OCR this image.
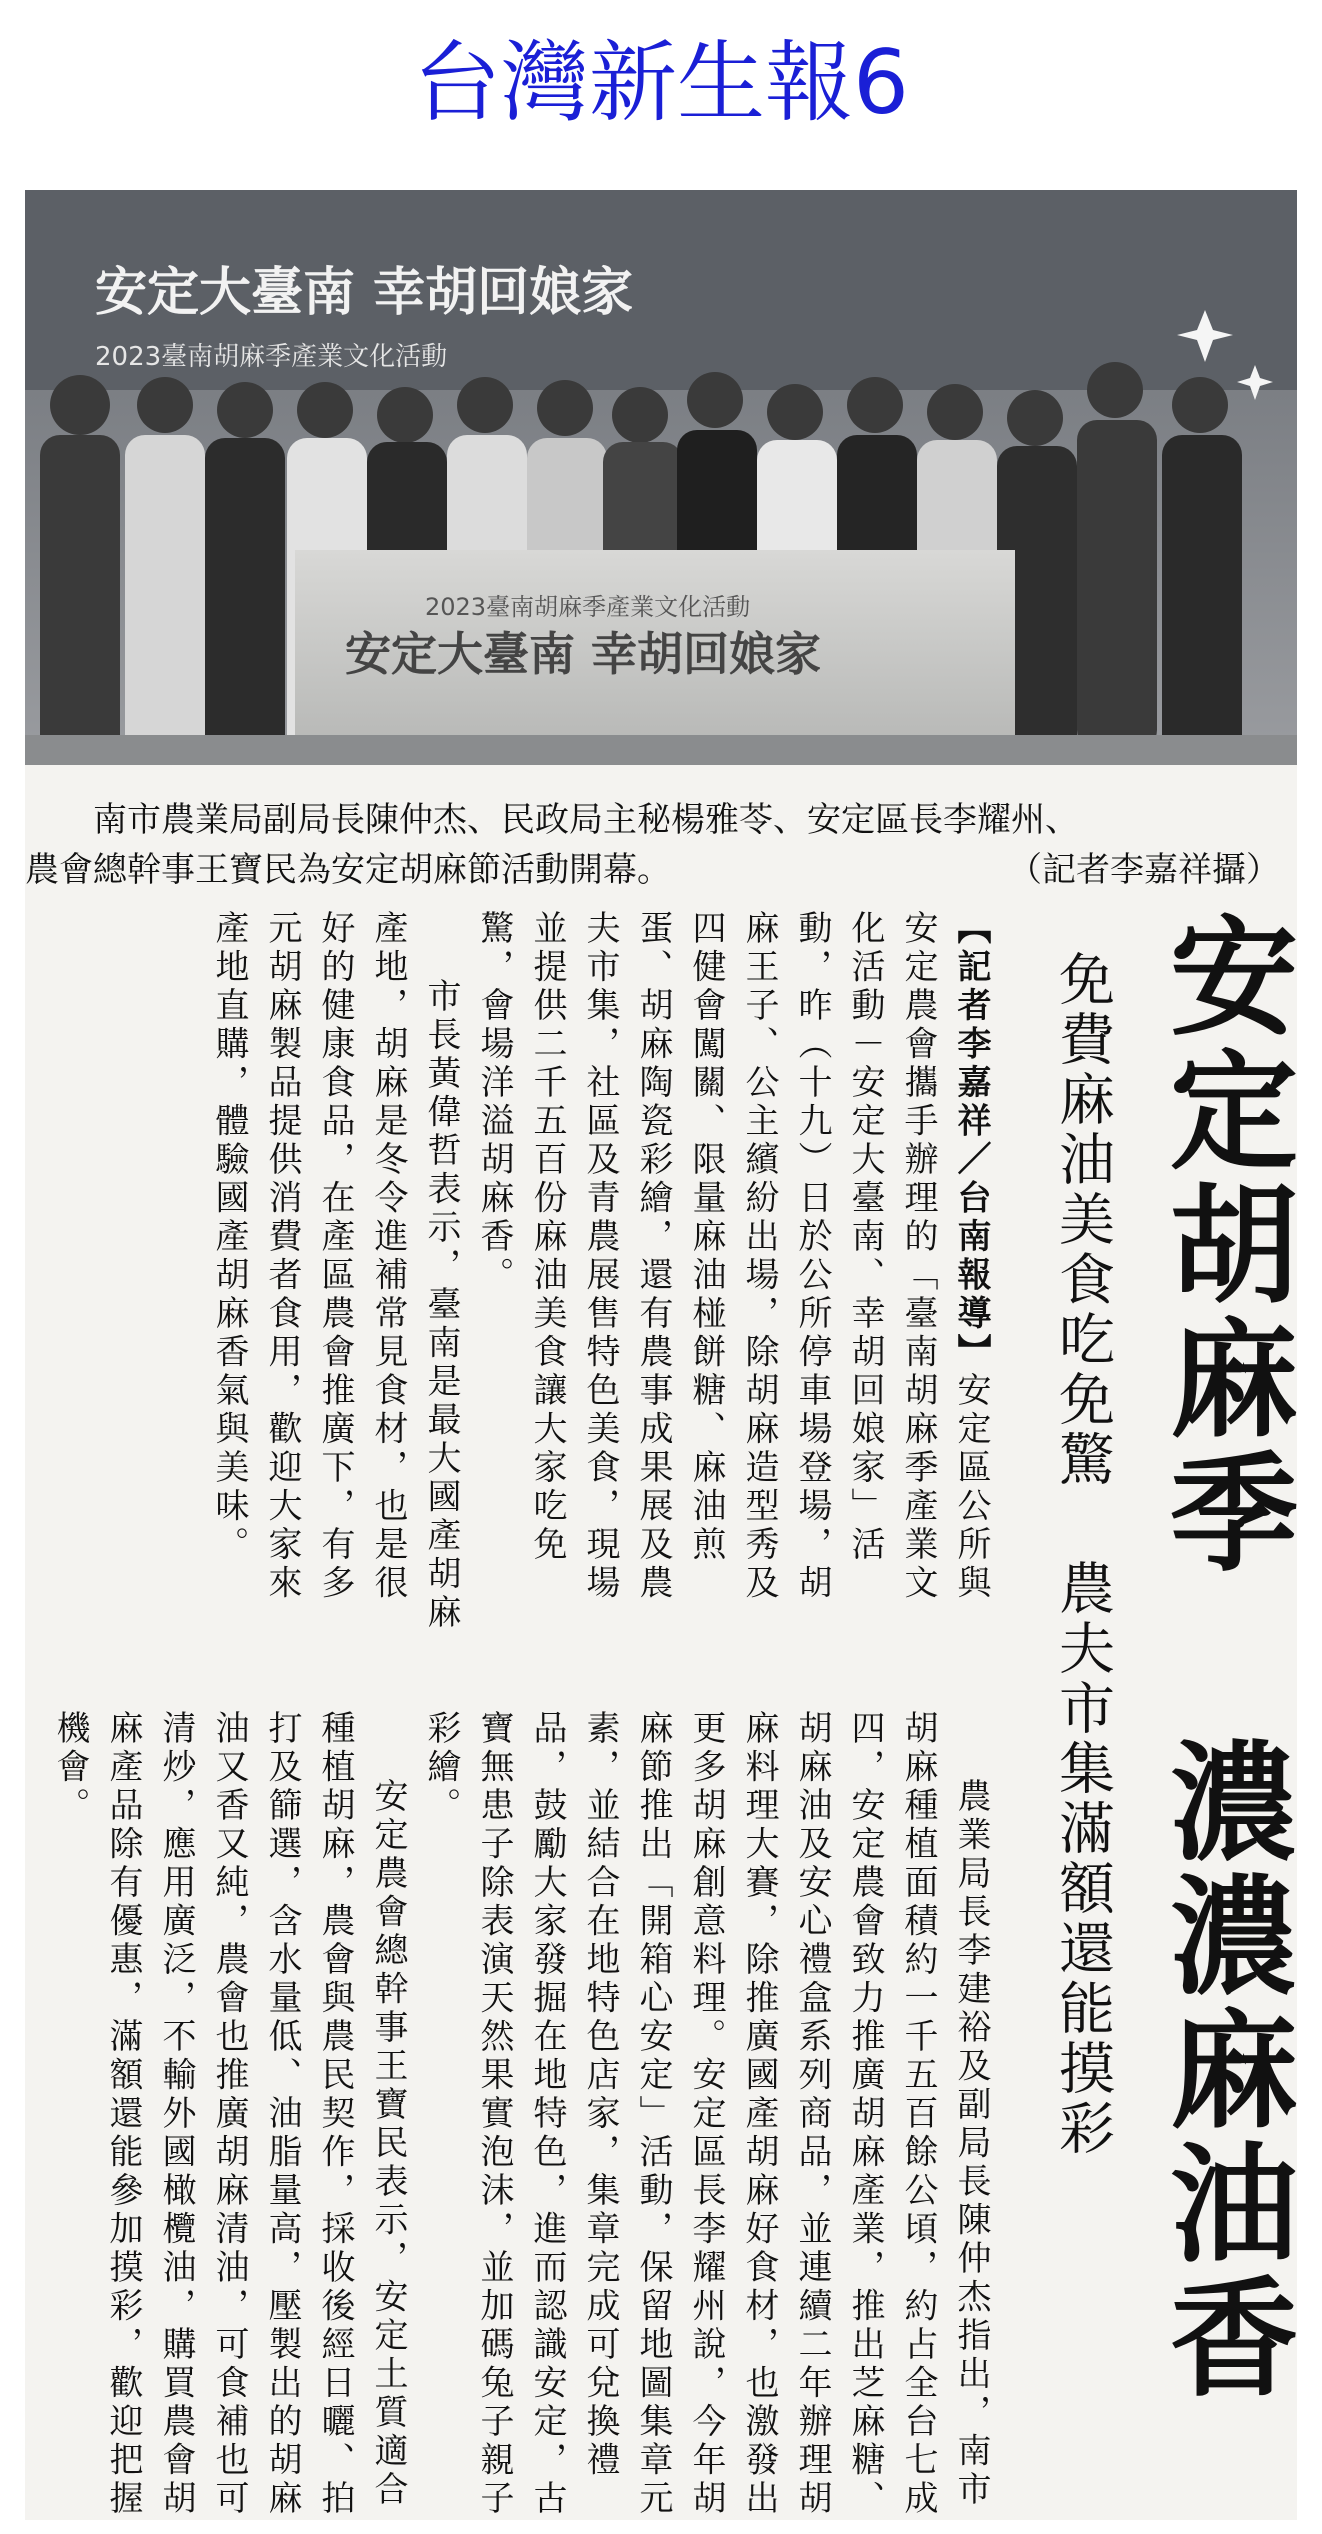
台灣新生報6
安定大臺南 幸胡回娘家
2023臺南胡麻季產業文化活動
2023臺南胡麻季產業文化活動
安定大臺南 幸胡回娘家
南市農業局副局長陳仲杰、民政局主秘楊雅苓、安定區長李耀州、
農會總幹事王寶民為安定胡麻節活動開幕。	（記者李嘉祥攝）
安定胡麻季 濃濃麻油香
免費麻油美食吃免驚 農夫市集滿額還能摸彩

【記者李嘉祥／台南報導】安定區公所與安定農會攜手辦理的「臺南胡麻季產業文化活動－安定大臺南、幸胡回娘家」活動，昨（十九）日於公所停車場登場，胡麻王子、公主繽紛出場，除胡麻造型秀及四健會闖關、限量麻油椪餅糖、麻油煎蛋、胡麻陶瓷彩繪，還有農事成果展及農夫市集，社區及青農展售特色美食，現場並提供二千五百份麻油美食讓大家吃免驚，會場洋溢胡麻香。

市長黃偉哲表示，臺南是最大國產胡麻產地，胡麻是冬令進補常見食材，也是很好的健康食品，在產區農會推廣下，有多元胡麻製品提供消費者食用，歡迎大家來產地直購，體驗國產胡麻香氣與美味。

農業局長李建裕及副局長陳仲杰指出，南市胡麻種植面積約一千五百餘公頃，約占全台七成四，安定農會致力推廣胡麻產業，推出芝麻糖、胡麻油及安心禮盒系列商品，並連續二年辦理胡麻料理大賽，除推廣國產胡麻好食材，也激發出更多胡麻創意料理。安定區長李耀州說，今年胡麻節推出「開箱心安定」活動，保留地圖集章元素，並結合在地特色店家，集章完成可兌換禮品，鼓勵大家發掘在地特色，進而認識安定，古寶無患子除表演天然果實泡沫，並加碼兔子親子彩繪。

安定農會總幹事王寶民表示，安定土質適合種植胡麻，農會與農民契作，採收後經日曬、拍打及篩選，含水量低、油脂量高，壓製出的胡麻油又香又純，農會也推廣胡麻清油，可食補也可清炒，應用廣泛，不輸外國橄欖油，購買農會胡麻產品除有優惠，滿額還能參加摸彩，歡迎把握機會。
